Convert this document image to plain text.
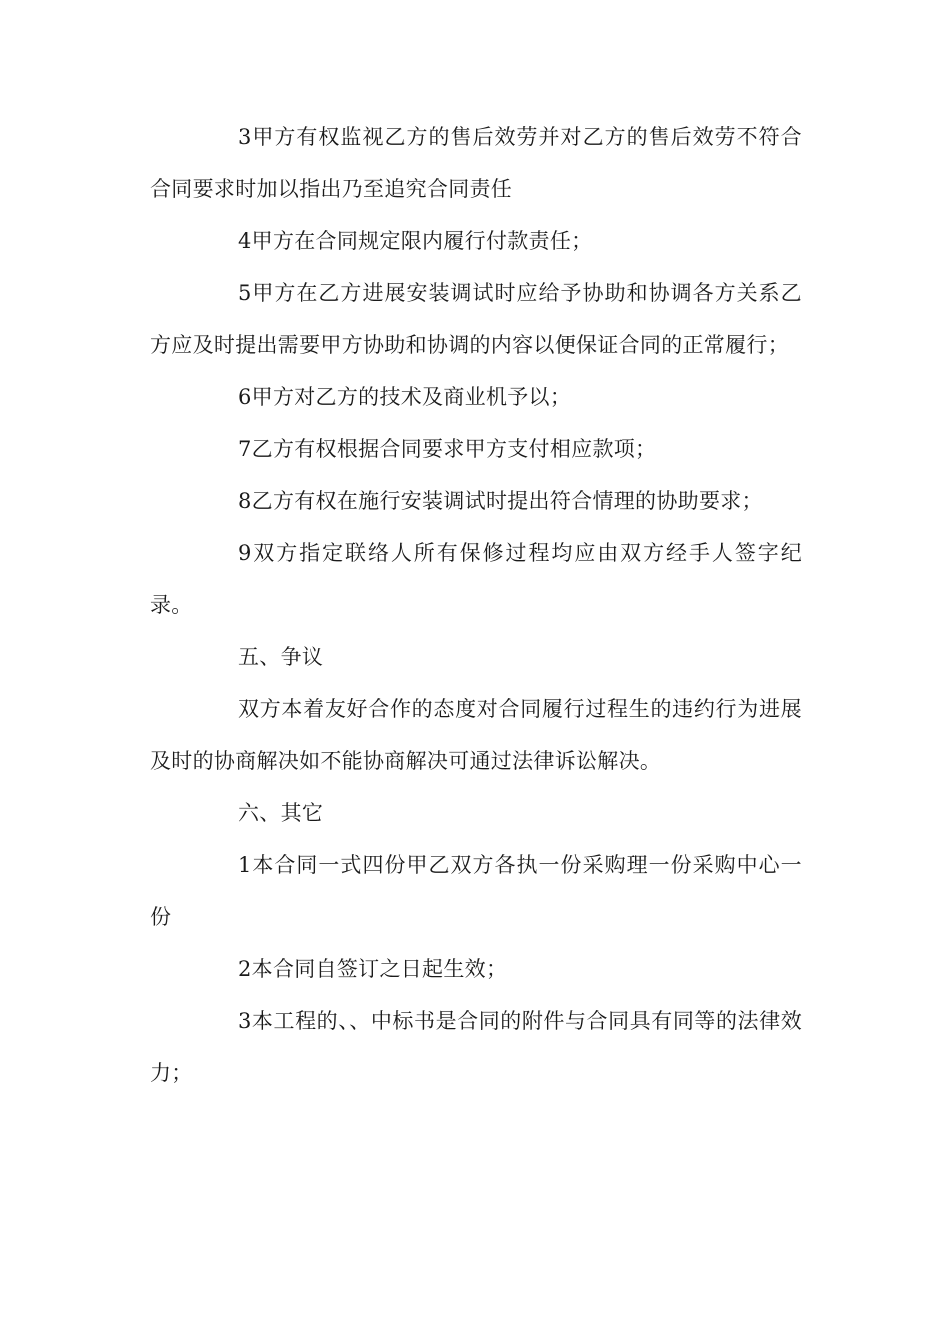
3甲方有权监视乙方的售后效劳并对乙方的售后效劳不符合合同要求时加以指出乃至追究合同责任

4甲方在合同规定限内履行付款责任；

5甲方在乙方进展安装调试时应给予协助和协调各方关系乙方应及时提出需要甲方协助和协调的内容以便保证合同的正常履行；

6甲方对乙方的技术及商业机予以；

7乙方有权根据合同要求甲方支付相应款项；

8乙方有权在施行安装调试时提出符合情理的协助要求；

9双方指定联络人所有保修过程均应由双方经手人签字纪录。

五、争议

双方本着友好合作的态度对合同履行过程生的违约行为进展及时的协商解决如不能协商解决可通过法律诉讼解决。

六、其它

1本合同一式四份甲乙双方各执一份采购理一份采购中心一份

2本合同自签订之日起生效；

3本工程的、、中标书是合同的附件与合同具有同等的法律效力；
